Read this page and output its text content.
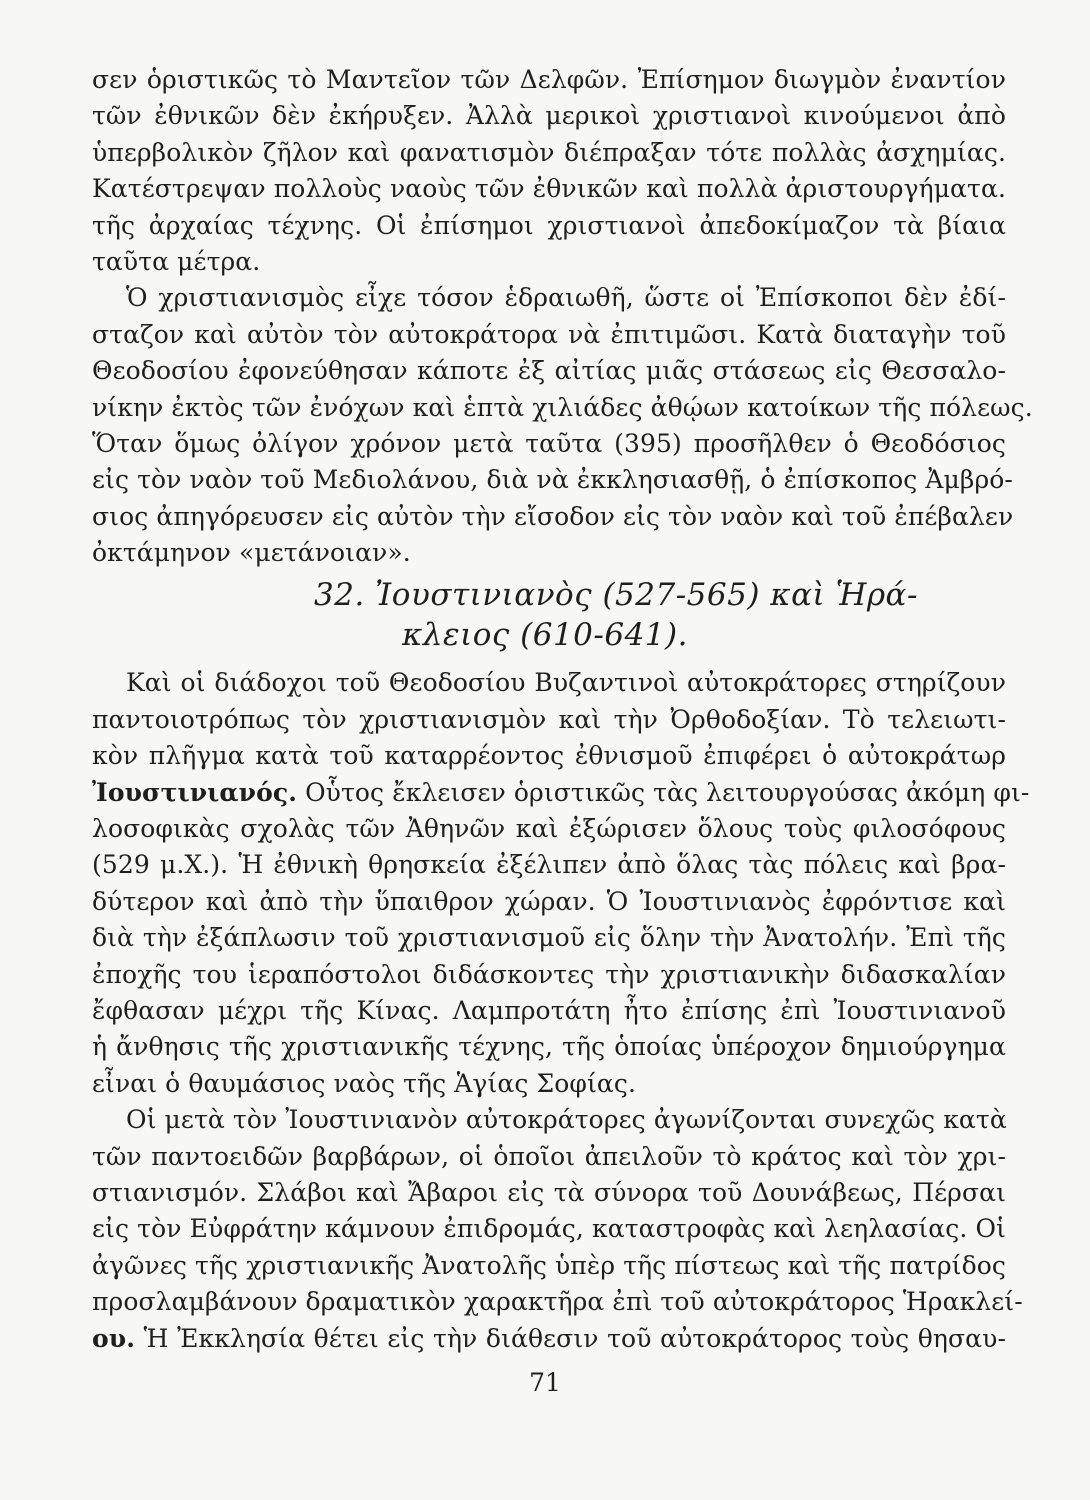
σεν ὁριστικῶς τὸ Μαντεῖον τῶν Δελφῶν. Ἐπίσημον διωγμὸν ἐναντίον
τῶν ἐθνικῶν δὲν ἐκήρυξεν. Ἀλλὰ μερικοὶ χριστιανοὶ κινούμενοι ἀπὸ
ὑπερβολικὸν ζῆλον καὶ φανατισμὸν διέπραξαν τότε πολλὰς ἀσχημίας.
Κατέστρεψαν πολλοὺς ναοὺς τῶν ἐθνικῶν καὶ πολλὰ ἀριστουργήματα.
τῆς ἀρχαίας τέχνης. Οἱ ἐπίσημοι χριστιανοὶ ἀπεδοκίμαζον τὰ βίαια
ταῦτα μέτρα.
Ὁ χριστιανισμὸς εἶχε τόσον ἑδραιωθῆ, ὥστε οἱ Ἐπίσκοποι δὲν ἐδί-
σταζον καὶ αὐτὸν τὸν αὐτοκράτορα νὰ ἐπιτιμῶσι. Κατὰ διαταγὴν τοῦ
Θεοδοσίου ἐφονεύθησαν κάποτε ἐξ αἰτίας μιᾶς στάσεως εἰς Θεσσαλο-
νίκην ἐκτὸς τῶν ἐνόχων καὶ ἑπτὰ χιλιάδες ἀθῴων κατοίκων τῆς πόλεως.
Ὅταν ὅμως ὀλίγον χρόνον μετὰ ταῦτα (395) προσῆλθεν ὁ Θεοδόσιος
εἰς τὸν ναὸν τοῦ Μεδιολάνου, διὰ νὰ ἐκκλησιασθῇ, ὁ ἐπίσκοπος Ἀμβρό-
σιος ἀπηγόρευσεν εἰς αὐτὸν τὴν εἴσοδον εἰς τὸν ναὸν καὶ τοῦ ἐπέβαλεν
ὀκτάμηνον «μετάνοιαν».
32. Ἰουστινιανὸς (527-565) καὶ Ἡρά-
κλειος (610-641).
Καὶ οἱ διάδοχοι τοῦ Θεοδοσίου Βυζαντινοὶ αὐτοκράτορες στηρίζουν
παντοιοτρόπως τὸν χριστιανισμὸν καὶ τὴν Ὀρθοδοξίαν. Τὸ τελειωτι-
κὸν πλῆγμα κατὰ τοῦ καταρρέοντος ἐθνισμοῦ ἐπιφέρει ὁ αὐτοκράτωρ
Ἰουστινιανός. Οὗτος ἔκλεισεν ὁριστικῶς τὰς λειτουργούσας ἀκόμη φι-
λοσοφικὰς σχολὰς τῶν Ἀθηνῶν καὶ ἐξώρισεν ὅλους τοὺς φιλοσόφους
(529 μ.Χ.). Ἡ ἐθνικὴ θρησκεία ἐξέλιπεν ἀπὸ ὅλας τὰς πόλεις καὶ βρα-
δύτερον καὶ ἀπὸ τὴν ὕπαιθρον χώραν. Ὁ Ἰουστινιανὸς ἐφρόντισε καὶ
διὰ τὴν ἐξάπλωσιν τοῦ χριστιανισμοῦ εἰς ὅλην τὴν Ἀνατολήν. Ἐπὶ τῆς
ἐποχῆς του ἱεραπόστολοι διδάσκοντες τὴν χριστιανικὴν διδασκαλίαν
ἔφθασαν μέχρι τῆς Κίνας. Λαμπροτάτη ἦτο ἐπίσης ἐπὶ Ἰουστινιανοῦ
ἡ ἄνθησις τῆς χριστιανικῆς τέχνης, τῆς ὁποίας ὑπέροχον δημιούργημα
εἶναι ὁ θαυμάσιος ναὸς τῆς Ἁγίας Σοφίας.
Οἱ μετὰ τὸν Ἰουστινιανὸν αὐτοκράτορες ἀγωνίζονται συνεχῶς κατὰ
τῶν παντοειδῶν βαρβάρων, οἱ ὁποῖοι ἀπειλοῦν τὸ κράτος καὶ τὸν χρι-
στιανισμόν. Σλάβοι καὶ Ἄβαροι εἰς τὰ σύνορα τοῦ Δουνάβεως, Πέρσαι
εἰς τὸν Εὐφράτην κάμνουν ἐπιδρομάς, καταστροφὰς καὶ λεηλασίας. Οἱ
ἀγῶνες τῆς χριστιανικῆς Ἀνατολῆς ὑπὲρ τῆς πίστεως καὶ τῆς πατρίδος
προσλαμβάνουν δραματικὸν χαρακτῆρα ἐπὶ τοῦ αὐτοκράτορος Ἡρακλεί-
ου. Ἡ Ἐκκλησία θέτει εἰς τὴν διάθεσιν τοῦ αὐτοκράτορος τοὺς θησαυ-
71
